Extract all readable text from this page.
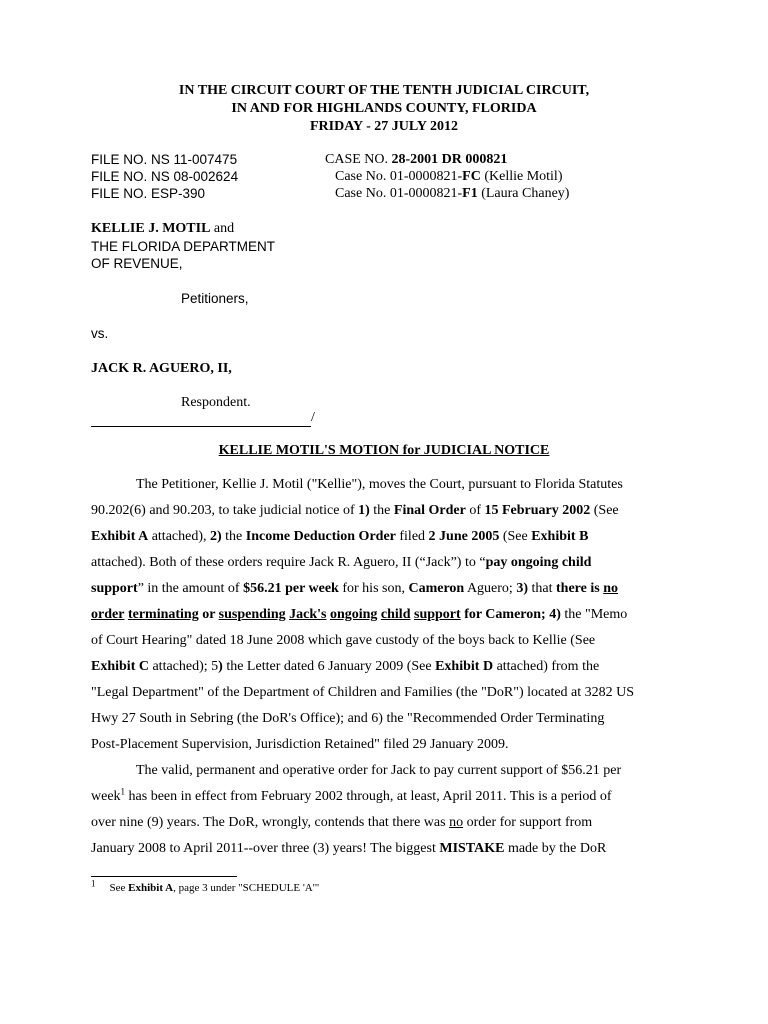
IN THE CIRCUIT COURT OF THE TENTH JUDICIAL CIRCUIT,
IN AND FOR HIGHLANDS COUNTY, FLORIDA
FRIDAY - 27 JULY 2012
FILE NO. NS 11-007475
FILE NO. NS 08-002624
FILE NO. ESP-390
CASE NO. 28-2001 DR 000821
Case No. 01-0000821-FC (Kellie Motil)
Case No. 01-0000821-F1 (Laura Chaney)
KELLIE J. MOTIL and
THE FLORIDA DEPARTMENT
OF REVENUE,
Petitioners,
vs.
JACK R. AGUERO, II,
Respondent.
/
KELLIE MOTIL'S MOTION for JUDICIAL NOTICE
The Petitioner, Kellie J. Motil ("Kellie"), moves the Court, pursuant to Florida Statutes
90.202(6) and 90.203, to take judicial notice of 1) the Final Order of 15 February 2002 (See
Exhibit A attached), 2) the Income Deduction Order filed 2 June 2005 (See Exhibit B
attached). Both of these orders require Jack R. Aguero, II (“Jack”) to “pay ongoing child
support” in the amount of $56.21 per week for his son, Cameron Aguero; 3) that there is no
order terminating or suspending Jack's ongoing child support for Cameron; 4) the "Memo
of Court Hearing" dated 18 June 2008 which gave custody of the boys back to Kellie (See
Exhibit C attached); 5) the Letter dated 6 January 2009 (See Exhibit D attached) from the
"Legal Department" of the Department of Children and Families (the "DoR") located at 3282 US
Hwy 27 South in Sebring (the DoR's Office); and 6) the "Recommended Order Terminating
Post-Placement Supervision, Jurisdiction Retained" filed 29 January 2009.
The valid, permanent and operative order for Jack to pay current support of $56.21 per
week$^1$ has been in effect from February 2002 through, at least, April 2011. This is a period of
over nine (9) years. The DoR, wrongly, contends that there was no order for support from
January 2008 to April 2011--over three (3) years! The biggest MISTAKE made by the DoR
$^1$ See Exhibit A, page 3 under "SCHEDULE 'A'"
